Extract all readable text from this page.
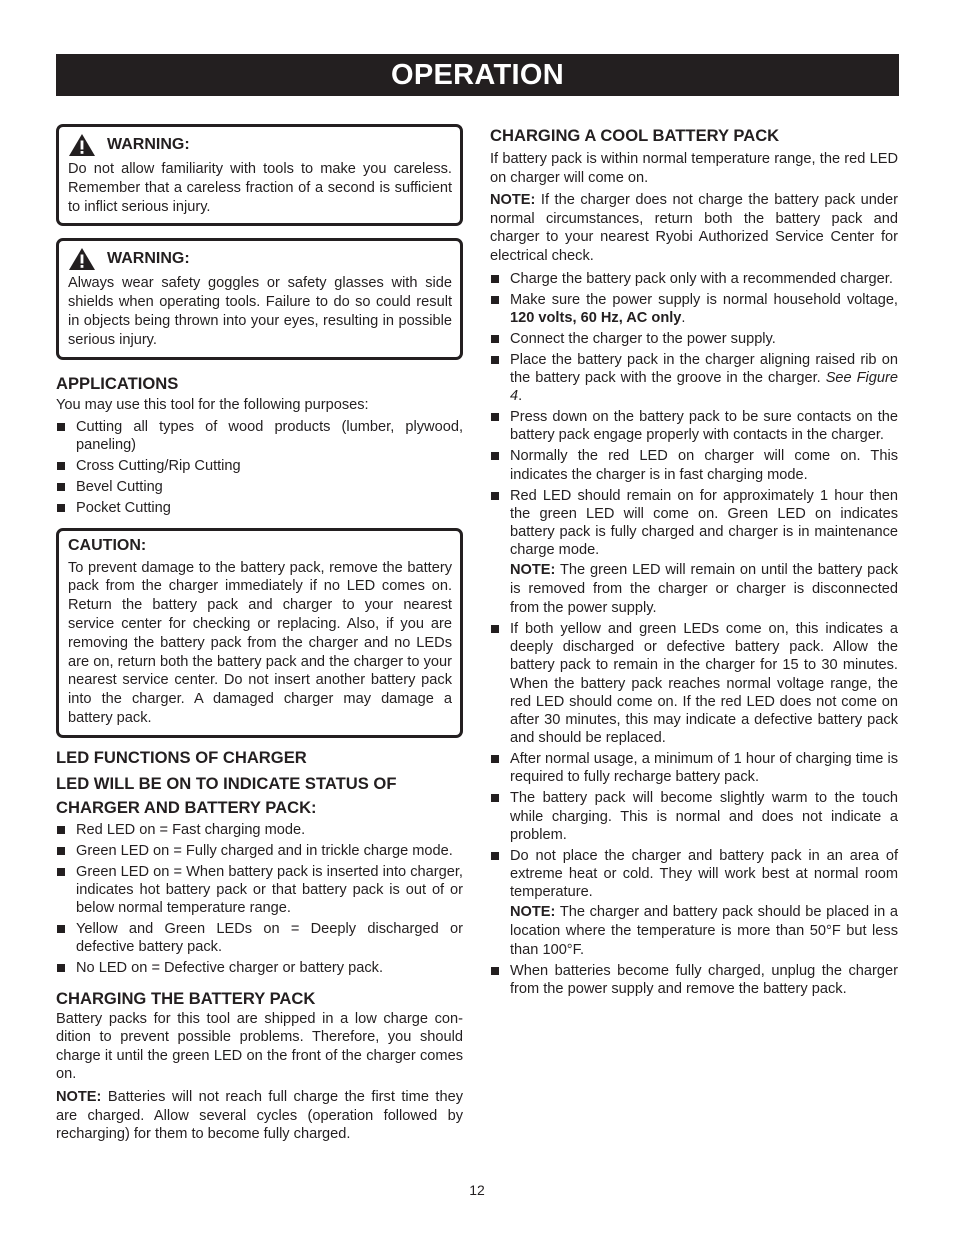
OPERATION
WARNING:

Do not allow familiarity with tools to make you careless. Remember that a careless fraction of a second is sufficient to inflict serious injury.

WARNING:

Always wear safety goggles or safety glasses with side shields when operating tools. Failure to do so could result in objects being thrown into your eyes, resulting in possible serious injury.

APPLICATIONS

You may use this tool for the following purposes:

Cutting all types of wood products (lumber, plywood, paneling)
Cross Cutting/Rip Cutting
Bevel Cutting
Pocket Cutting
CAUTION:

To prevent damage to the battery pack, remove the battery pack from the charger immediately if no LED comes on. Return the battery pack and charger to your nearest service center for checking or replacing. Also, if you are removing the battery pack from the charger and no LEDs are on, return both the battery pack and the charger to your nearest service center. Do not insert another battery pack into the charger. A damaged charger may damage a battery pack.

LED FUNCTIONS OF CHARGER
LED WILL BE ON TO INDICATE STATUS OF CHARGER AND BATTERY PACK:
Red LED on = Fast charging mode.
Green LED on = Fully charged and in trickle charge mode.
Green LED on = When battery pack is inserted into charger, indicates hot battery pack or that battery pack is out of or below normal temperature range.
Yellow and Green LEDs on = Deeply discharged or defective battery pack.
No LED on = Defective charger or battery pack.
CHARGING THE BATTERY PACK

Battery packs for this tool are shipped in a low charge condition to prevent possible problems. Therefore, you should charge it until the green LED on the front of the charger comes on.

NOTE: Batteries will not reach full charge the first time they are charged. Allow several cycles (operation followed by recharging) for them to become fully charged.

CHARGING A COOL BATTERY PACK

If battery pack is within normal temperature range, the red LED on charger will come on.

NOTE: If the charger does not charge the battery pack under normal circumstances, return both the battery pack and charger to your nearest Ryobi Authorized Service Center for electrical check.

Charge the battery pack only with a recommended charger.
Make sure the power supply is normal household voltage, 120 volts, 60 Hz, AC only.
Connect the charger to the power supply.
Place the battery pack in the charger aligning raised rib on the battery pack with the groove in the charger. See Figure 4.
Press down on the battery pack to be sure contacts on the battery pack engage properly with contacts in the charger.
Normally the red LED on charger will come on. This indicates the charger is in fast charging mode.
Red LED should remain on for approximately 1 hour then the green LED will come on. Green LED on indicates battery pack is fully charged and charger is in maintenance charge mode.

NOTE: The green LED will remain on until the battery pack is removed from the charger or charger is disconnected from the power supply.

If both yellow and green LEDs come on, this indicates a deeply discharged or defective battery pack. Allow the battery pack to remain in the charger for 15 to 30 minutes. When the battery pack reaches normal voltage range, the red LED should come on. If the red LED does not come on after 30 minutes, this may indicate a defective battery pack and should be replaced.
After normal usage, a minimum of 1 hour of charging time is required to fully recharge battery pack.
The battery pack will become slightly warm to the touch while charging. This is normal and does not indicate a problem.
Do not place the charger and battery pack in an area of extreme heat or cold. They will work best at normal room temperature.

NOTE: The charger and battery pack should be placed in a location where the temperature is more than 50°F but less than 100°F.

When batteries become fully charged, unplug the charger from the power supply and remove the battery pack.
12
